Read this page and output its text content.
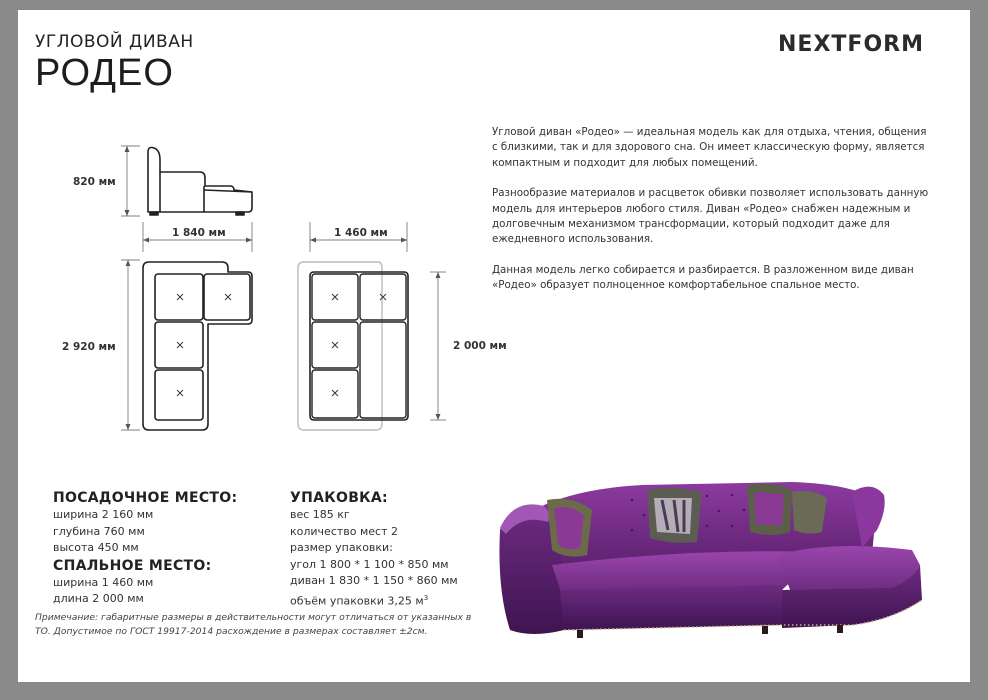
УГЛОВОЙ ДИВАН
РОДЕО
NEXTFORM

Угловой диван «Родео» — идеальная модель как для отдыха, чтения, общения с близкими, так и для здорового сна. Он имеет классическую форму, является компактным и подходит для любых помещений.

Разнообразие материалов и расцветок обивки позволяет использовать данную модель для интерьеров любого стиля. Диван «Родео» снабжен надежным и долговечным механизмом трансформации, который подходит даже для ежедневного использования.

Данная модель легко собирается и разбирается. В разложенном виде диван «Родео» образует полноценное комфортабельное спальное место.

820 мм
1 840 мм
2 920 мм
1 460 мм
2 000 мм
ПОСАДОЧНОЕ МЕСТО:
ширина 2 160 мм
глубина 760 мм
высота 450 мм
СПАЛЬНОЕ МЕСТО:
ширина 1 460 мм
длина 2 000 мм
УПАКОВКА:
вес 185 кг
количество мест 2
размер упаковки:
угол 1 800 * 1 100 * 850 мм
диван 1 830 * 1 150 * 860 мм
объём упаковки 3,25 $м^3$
Примечание: габаритные размеры в действительности могут отличаться от указанных в ТО. Допустимое по ГОСТ 19917-2014 расхождение в размерах составляет ±2см.
